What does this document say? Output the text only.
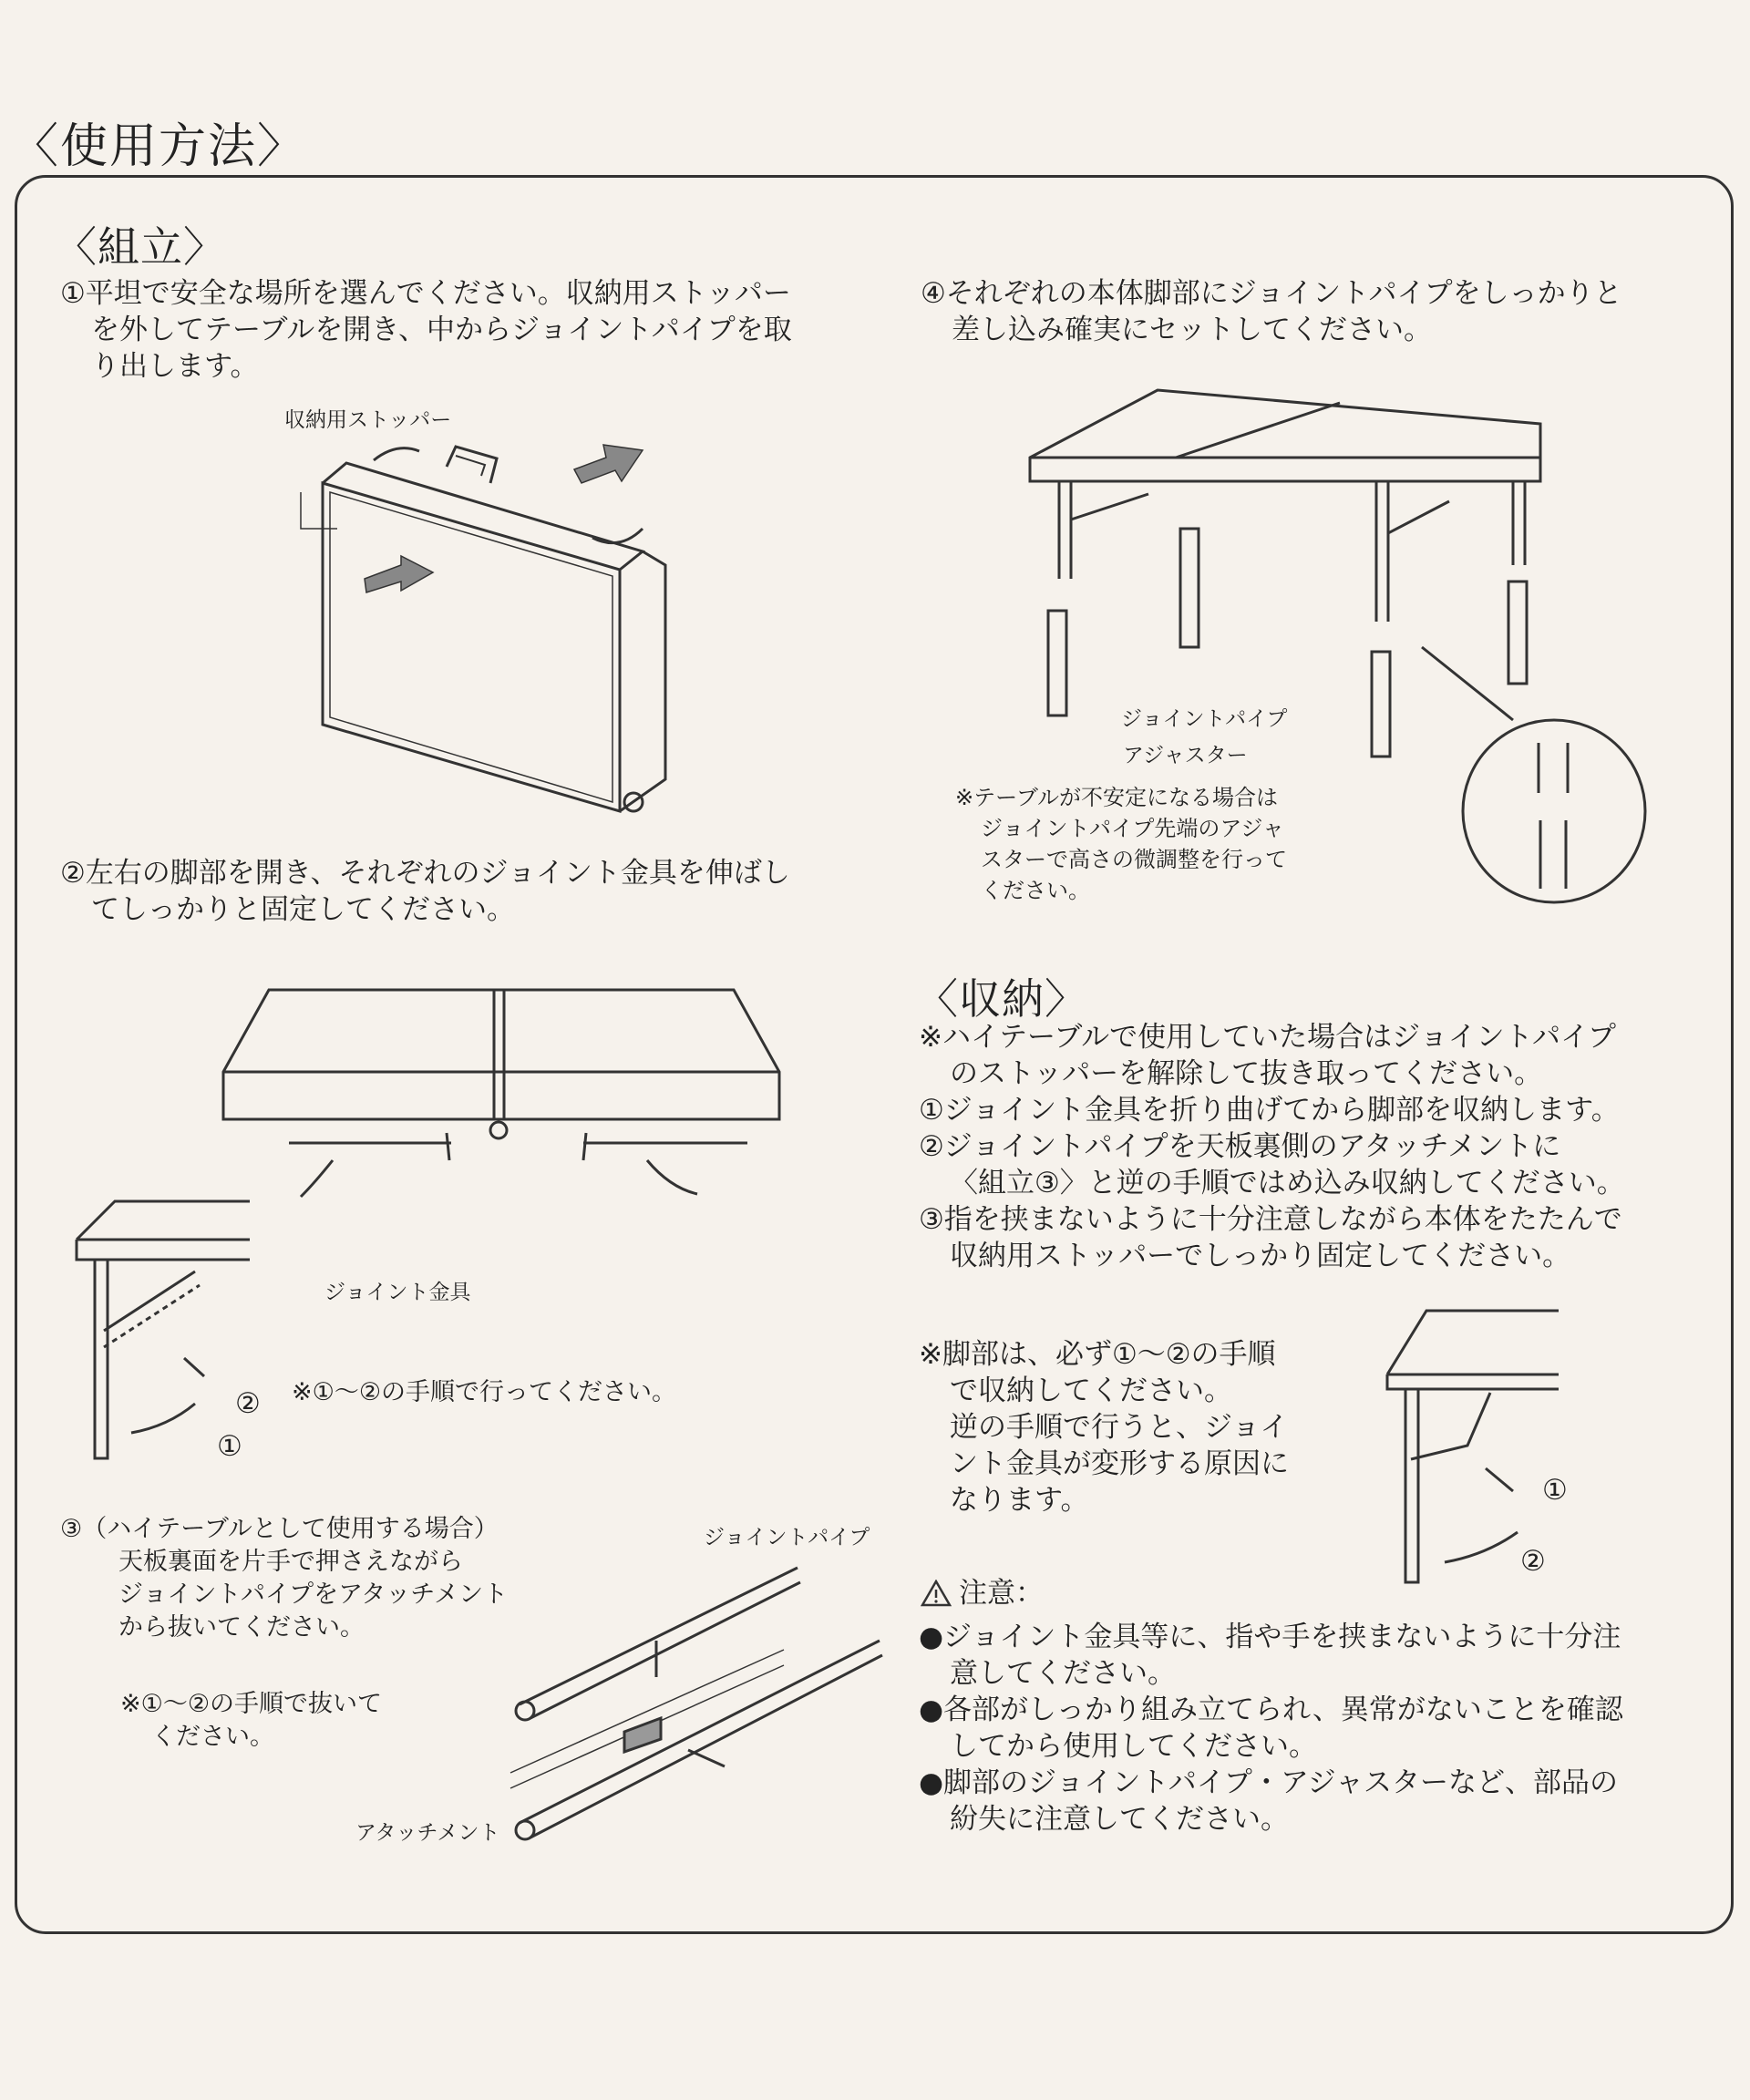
〈使用方法〉
〈組立〉
①平坦で安全な場所を選んでください。収納用ストッパー
を外してテーブルを開き、中からジョイントパイプを取
り出します。
収納用ストッパー
②左右の脚部を開き、それぞれのジョイント金具を伸ばし
てしっかりと固定してください。
ジョイント金具
②
①
※①〜②の手順で行ってください。
③（ハイテーブルとして使用する場合）
天板裏面を片手で押さえながら
ジョイントパイプをアタッチメント
から抜いてください。
※①〜②の手順で抜いて
ください。
ジョイントパイプ
アタッチメント
④それぞれの本体脚部にジョイントパイプをしっかりと
差し込み確実にセットしてください。
ジョイントパイプ
アジャスター
※テーブルが不安定になる場合は
ジョイントパイプ先端のアジャ
スターで高さの微調整を行って
ください。
〈収納〉
※ハイテーブルで使用していた場合はジョイントパイプ
のストッパーを解除して抜き取ってください。
①ジョイント金具を折り曲げてから脚部を収納します。
②ジョイントパイプを天板裏側のアタッチメントに
〈組立③〉と逆の手順ではめ込み収納してください。
③指を挟まないように十分注意しながら本体をたたんで
収納用ストッパーでしっかり固定してください。
※脚部は、必ず①〜②の手順
で収納してください。
逆の手順で行うと、ジョイ
ント金具が変形する原因に
なります。	①
②
注意：
●ジョイント金具等に、指や手を挟まないように十分注
意してください。
●各部がしっかり組み立てられ、異常がないことを確認
してから使用してください。
●脚部のジョイントパイプ・アジャスターなど、部品の
紛失に注意してください。
